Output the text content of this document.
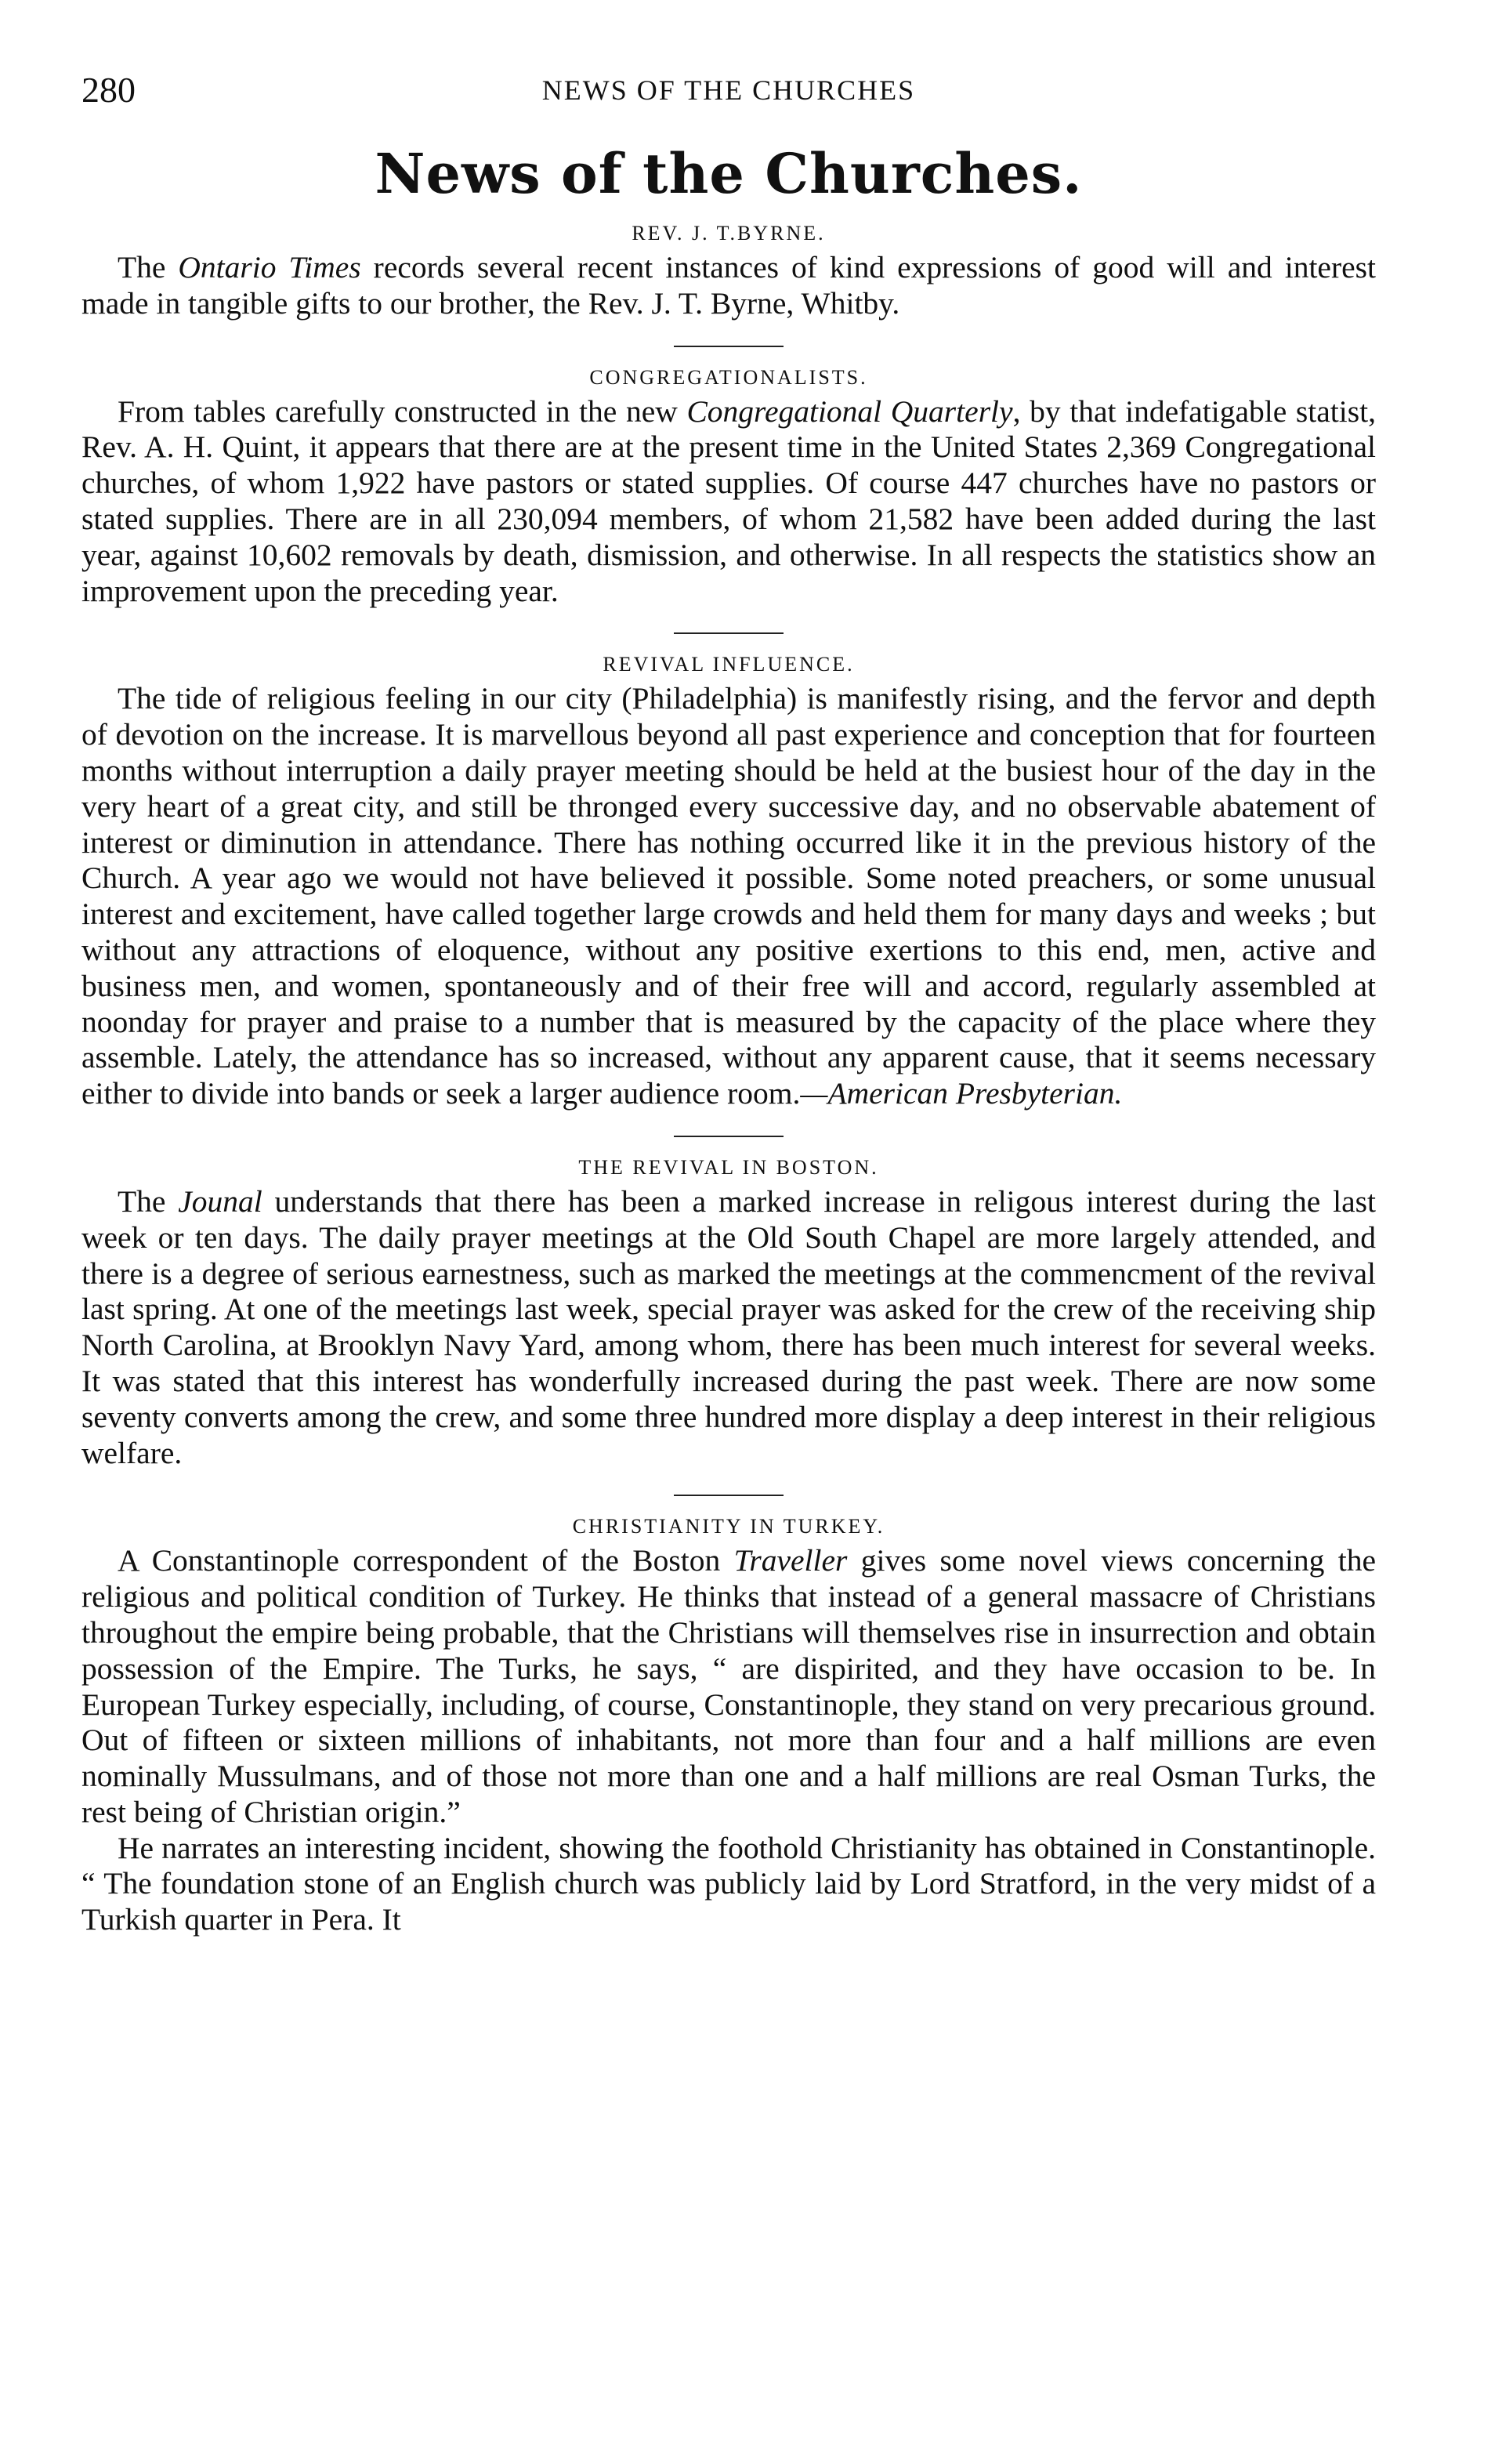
280	NEWS OF THE CHURCHES
News of the Churches.
REV. J. T.BYRNE.

The Ontario Times records several recent instances of kind expressions of good will and interest made in tangible gifts to our brother, the Rev. J. T. Byrne, Whitby.

CONGREGATIONALISTS.

From tables carefully constructed in the new Congregational Quarterly, by that indefatigable statist, Rev. A. H. Quint, it appears that there are at the present time in the United States 2,369 Congregational churches, of whom 1,922 have pastors or stated supplies. Of course 447 churches have no pastors or stated supplies. There are in all 230,094 members, of whom 21,582 have been added during the last year, against 10,602 removals by death, dismission, and otherwise. In all respects the statistics show an improvement upon the preceding year.

REVIVAL INFLUENCE.

The tide of religious feeling in our city (Philadelphia) is manifestly rising, and the fervor and depth of devotion on the increase. It is marvellous beyond all past experience and conception that for fourteen months without interruption a daily prayer meeting should be held at the busiest hour of the day in the very heart of a great city, and still be thronged every successive day, and no observable abatement of interest or diminution in attendance. There has nothing occurred like it in the previous history of the Church. A year ago we would not have believed it possible. Some noted preachers, or some unusual interest and excitement, have called together large crowds and held them for many days and weeks ; but without any attractions of eloquence, without any positive exertions to this end, men, active and business men, and women, spontaneously and of their free will and accord, regularly assembled at noonday for prayer and praise to a number that is measured by the capacity of the place where they assemble. Lately, the attendance has so increased, without any apparent cause, that it seems necessary either to divide into bands or seek a larger audience room.—American Presbyterian.

THE REVIVAL IN BOSTON.

The Jounal understands that there has been a marked increase in religous interest during the last week or ten days. The daily prayer meetings at the Old South Chapel are more largely attended, and there is a degree of serious earnestness, such as marked the meetings at the commencment of the revival last spring. At one of the meetings last week, special prayer was asked for the crew of the receiving ship North Carolina, at Brooklyn Navy Yard, among whom, there has been much interest for several weeks. It was stated that this interest has wonderfully increased during the past week. There are now some seventy converts among the crew, and some three hundred more display a deep interest in their religious welfare.

CHRISTIANITY IN TURKEY.

A Constantinople correspondent of the Boston Traveller gives some novel views concerning the religious and political condition of Turkey. He thinks that instead of a general massacre of Christians throughout the empire being probable, that the Christians will themselves rise in insurrection and obtain possession of the Empire. The Turks, he says, “ are dispirited, and they have occasion to be. In European Turkey especially, including, of course, Constantinople, they stand on very precarious ground. Out of fifteen or sixteen millions of inhabitants, not more than four and a half millions are even nominally Mussulmans, and of those not more than one and a half millions are real Osman Turks, the rest being of Christian origin.”

He narrates an interesting incident, showing the foothold Christianity has obtained in Constantinople. “ The foundation stone of an English church was publicly laid by Lord Stratford, in the very midst of a Turkish quarter in Pera. It
